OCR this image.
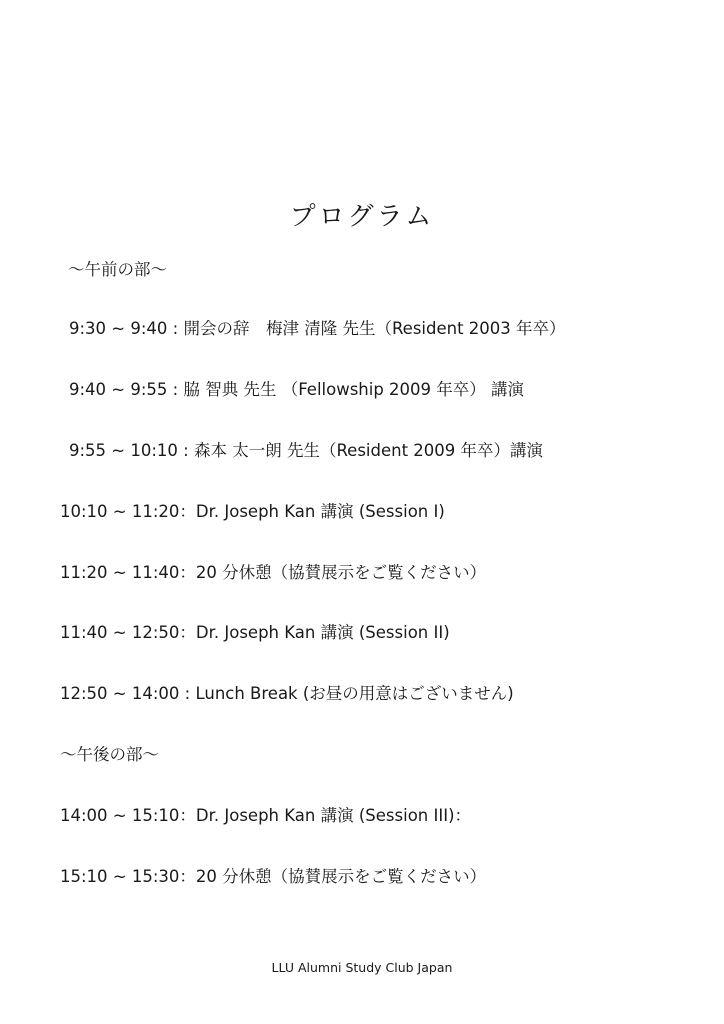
プログラム
〜午前の部〜
9:30 ~ 9:40 : 開会の辞　梅津 清隆 先生（Resident 2003 年卒）
9:40 ~ 9:55 : 脇 智典 先生 （Fellowship 2009 年卒） 講演
9:55 ~ 10:10 : 森本 太一朗 先生（Resident 2009 年卒）講演
10:10 ~ 11:20：Dr. Joseph Kan 講演 (Session I)
11:20 ~ 11:40：20 分休憩（協賛展示をご覧ください）
11:40 ~ 12:50：Dr. Joseph Kan 講演 (Session II)
12:50 ~ 14:00 : Lunch Break (お昼の用意はございません)
〜午後の部〜
14:00 ~ 15:10：Dr. Joseph Kan 講演 (Session III)：
15:10 ~ 15:30：20 分休憩（協賛展示をご覧ください）

LLU Alumni Study Club Japan
